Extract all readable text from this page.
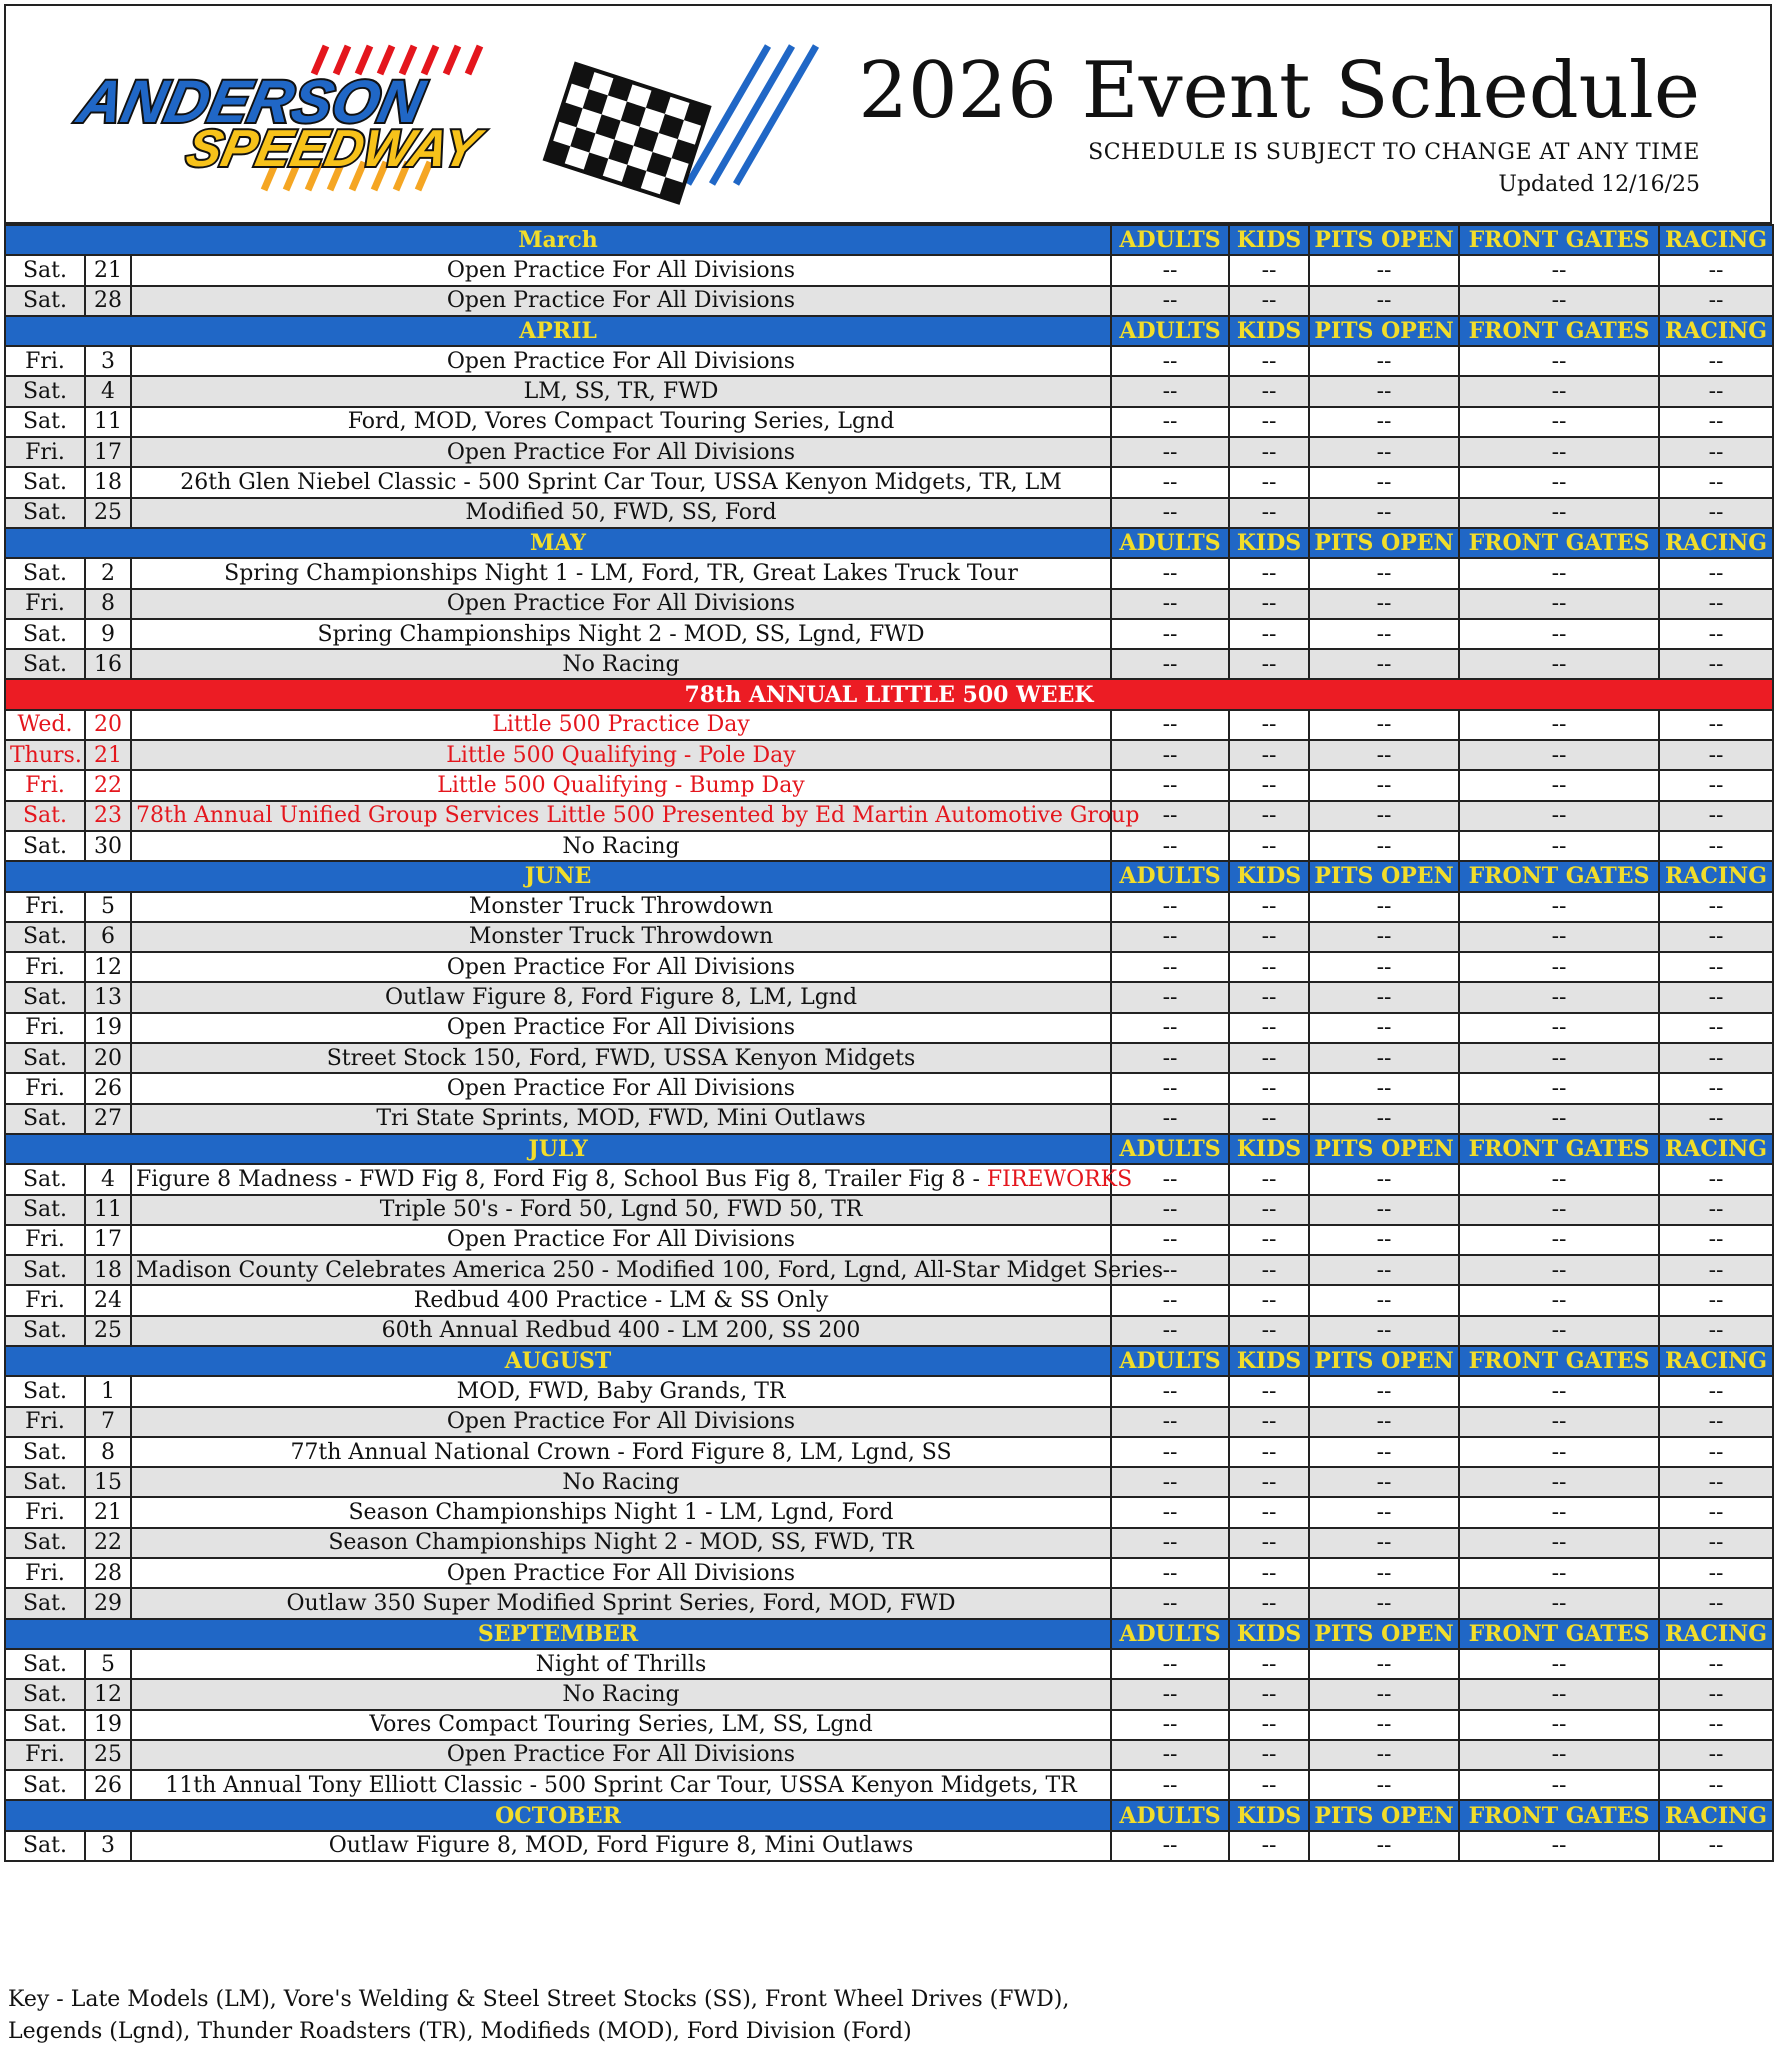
ANDERSON
SPEEDWAY
2026 Event Schedule
SCHEDULE IS SUBJECT TO CHANGE AT ANY TIME
Updated 12/16/25
March			ADULTS	KIDS	PITS OPEN	FRONT GATES	RACING
Sat.	21	Open Practice For All Divisions	--	--	--	--	--
Sat.	28	Open Practice For All Divisions	--	--	--	--	--
APRIL			ADULTS	KIDS	PITS OPEN	FRONT GATES	RACING
Fri.	3	Open Practice For All Divisions	--	--	--	--	--
Sat.	4	LM, SS, TR, FWD	--	--	--	--	--
Sat.	11	Ford, MOD, Vores Compact Touring Series, Lgnd	--	--	--	--	--
Fri.	17	Open Practice For All Divisions	--	--	--	--	--
Sat.	18	26th Glen Niebel Classic - 500 Sprint Car Tour, USSA Kenyon Midgets, TR, LM	--	--	--	--	--
Sat.	25	Modified 50, FWD, SS, Ford	--	--	--	--	--
MAY			ADULTS	KIDS	PITS OPEN	FRONT GATES	RACING
Sat.	2	Spring Championships Night 1 - LM, Ford, TR, Great Lakes Truck Tour	--	--	--	--	--
Fri.	8	Open Practice For All Divisions	--	--	--	--	--
Sat.	9	Spring Championships Night 2 - MOD, SS, Lgnd, FWD	--	--	--	--	--
Sat.	16	No Racing	--	--	--	--	--
78th ANNUAL LITTLE 500 WEEK							
Wed.	20	Little 500 Practice Day	--	--	--	--	--
Thurs.	21	Little 500 Qualifying - Pole Day	--	--	--	--	--
Fri.	22	Little 500 Qualifying - Bump Day	--	--	--	--	--
Sat.	23	78th Annual Unified Group Services Little 500 Presented by Ed Martin Automotive Group	--	--	--	--	--
Sat.	30	No Racing	--	--	--	--	--
JUNE			ADULTS	KIDS	PITS OPEN	FRONT GATES	RACING
Fri.	5	Monster Truck Throwdown	--	--	--	--	--
Sat.	6	Monster Truck Throwdown	--	--	--	--	--
Fri.	12	Open Practice For All Divisions	--	--	--	--	--
Sat.	13	Outlaw Figure 8, Ford Figure 8, LM, Lgnd	--	--	--	--	--
Fri.	19	Open Practice For All Divisions	--	--	--	--	--
Sat.	20	Street Stock 150, Ford, FWD, USSA Kenyon Midgets	--	--	--	--	--
Fri.	26	Open Practice For All Divisions	--	--	--	--	--
Sat.	27	Tri State Sprints, MOD, FWD, Mini Outlaws	--	--	--	--	--
JULY			ADULTS	KIDS	PITS OPEN	FRONT GATES	RACING
Sat.	4	Figure 8 Madness - FWD Fig 8, Ford Fig 8, School Bus Fig 8, Trailer Fig 8 - FIREWORKS	--	--	--	--	--
Sat.	11	Triple 50's - Ford 50, Lgnd 50, FWD 50, TR	--	--	--	--	--
Fri.	17	Open Practice For All Divisions	--	--	--	--	--
Sat.	18	Madison County Celebrates America 250 - Modified 100, Ford, Lgnd, All-Star Midget Series	--	--	--	--	--
Fri.	24	Redbud 400 Practice - LM & SS Only	--	--	--	--	--
Sat.	25	60th Annual Redbud 400 - LM 200, SS 200	--	--	--	--	--
AUGUST			ADULTS	KIDS	PITS OPEN	FRONT GATES	RACING
Sat.	1	MOD, FWD, Baby Grands, TR	--	--	--	--	--
Fri.	7	Open Practice For All Divisions	--	--	--	--	--
Sat.	8	77th Annual National Crown - Ford Figure 8, LM, Lgnd, SS	--	--	--	--	--
Sat.	15	No Racing	--	--	--	--	--
Fri.	21	Season Championships Night 1 - LM, Lgnd, Ford	--	--	--	--	--
Sat.	22	Season Championships Night 2 - MOD, SS, FWD, TR	--	--	--	--	--
Fri.	28	Open Practice For All Divisions	--	--	--	--	--
Sat.	29	Outlaw 350 Super Modified Sprint Series, Ford, MOD, FWD	--	--	--	--	--
SEPTEMBER			ADULTS	KIDS	PITS OPEN	FRONT GATES	RACING
Sat.	5	Night of Thrills	--	--	--	--	--
Sat.	12	No Racing	--	--	--	--	--
Sat.	19	Vores Compact Touring Series, LM, SS, Lgnd	--	--	--	--	--
Fri.	25	Open Practice For All Divisions	--	--	--	--	--
Sat.	26	11th Annual Tony Elliott Classic - 500 Sprint Car Tour, USSA Kenyon Midgets, TR	--	--	--	--	--
OCTOBER			ADULTS	KIDS	PITS OPEN	FRONT GATES	RACING
Sat.	3	Outlaw Figure 8, MOD, Ford Figure 8, Mini Outlaws	--	--	--	--	--
Key - Late Models (LM), Vore's Welding & Steel Street Stocks (SS), Front Wheel Drives (FWD),
Legends (Lgnd), Thunder Roadsters (TR), Modifieds (MOD), Ford Division (Ford)
